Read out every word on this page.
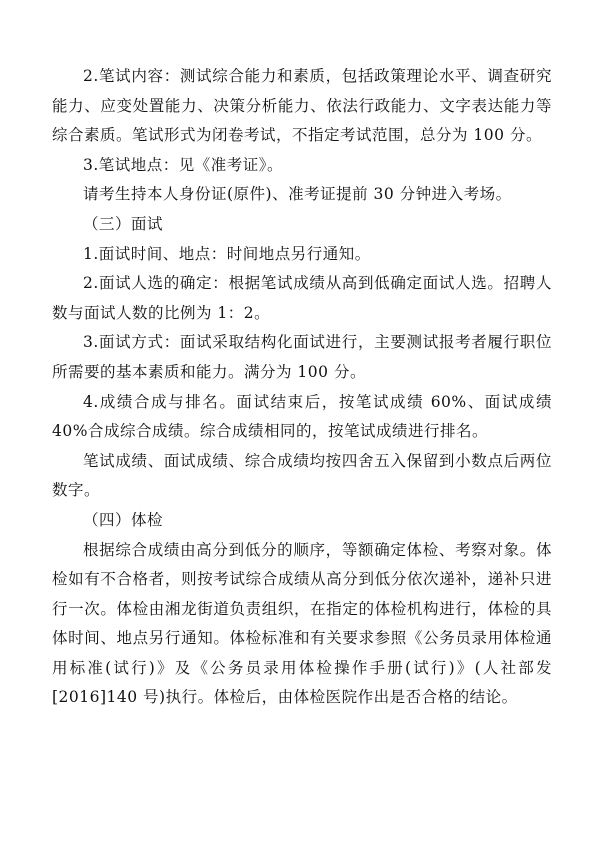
2.笔试内容：测试综合能力和素质，包括政策理论水平、调查研究能力、应变处置能力、决策分析能力、依法行政能力、文字表达能力等综合素质。笔试形式为闭卷考试，不指定考试范围，总分为 100 分。

3.笔试地点：见《准考证》。

请考生持本人身份证(原件)、准考证提前 30 分钟进入考场。

（三）面试

1.面试时间、地点：时间地点另行通知。

2.面试人选的确定：根据笔试成绩从高到低确定面试人选。招聘人数与面试人数的比例为 1：2。

3.面试方式：面试采取结构化面试进行，主要测试报考者履行职位所需要的基本素质和能力。满分为 100 分。

4.成绩合成与排名。面试结束后，按笔试成绩 60%、面试成绩 40%合成综合成绩。综合成绩相同的，按笔试成绩进行排名。

笔试成绩、面试成绩、综合成绩均按四舍五入保留到小数点后两位数字。

（四）体检

根据综合成绩由高分到低分的顺序，等额确定体检、考察对象。体检如有不合格者，则按考试综合成绩从高分到低分依次递补，递补只进行一次。体检由湘龙街道负责组织，在指定的体检机构进行，体检的具体时间、地点另行通知。体检标准和有关要求参照《公务员录用体检通用标准(试行)》及《公务员录用体检操作手册(试行)》(人社部发[2016]140 号)执行。体检后，由体检医院作出是否合格的结论。
